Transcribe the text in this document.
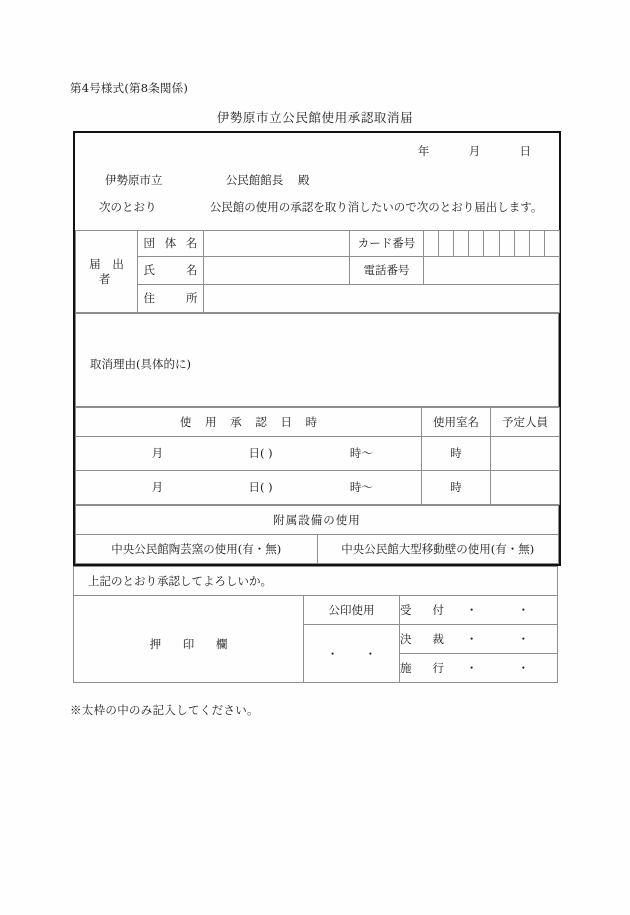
第4号様式(第8条関係)
伊勢原市立公民館使用承認取消届
年	月	日
伊勢原市立	公民館館長 殿
次のとおり	公民館の使用の承認を取り消したいので次のとおり届出します。
届 出 者	団体名		カード番号	

	氏名		電話番号	
	住所			
取消理由(具体的に)
使 用 承 認 日 時	使用室名	予定人員

月 日( ) 時～ 時		

月 日( ) 時～ 時		

附属設備の使用
中央公民館陶芸窯の使用(有・無)	中央公民館大型移動壁の使用(有・無)
上記のとおり承認してよろしいか。		

押 印 欄	公印使用	受付 ・ ・
	・ ・	決裁 ・ ・
		施行 ・ ・
※太枠の中のみ記入してください。
